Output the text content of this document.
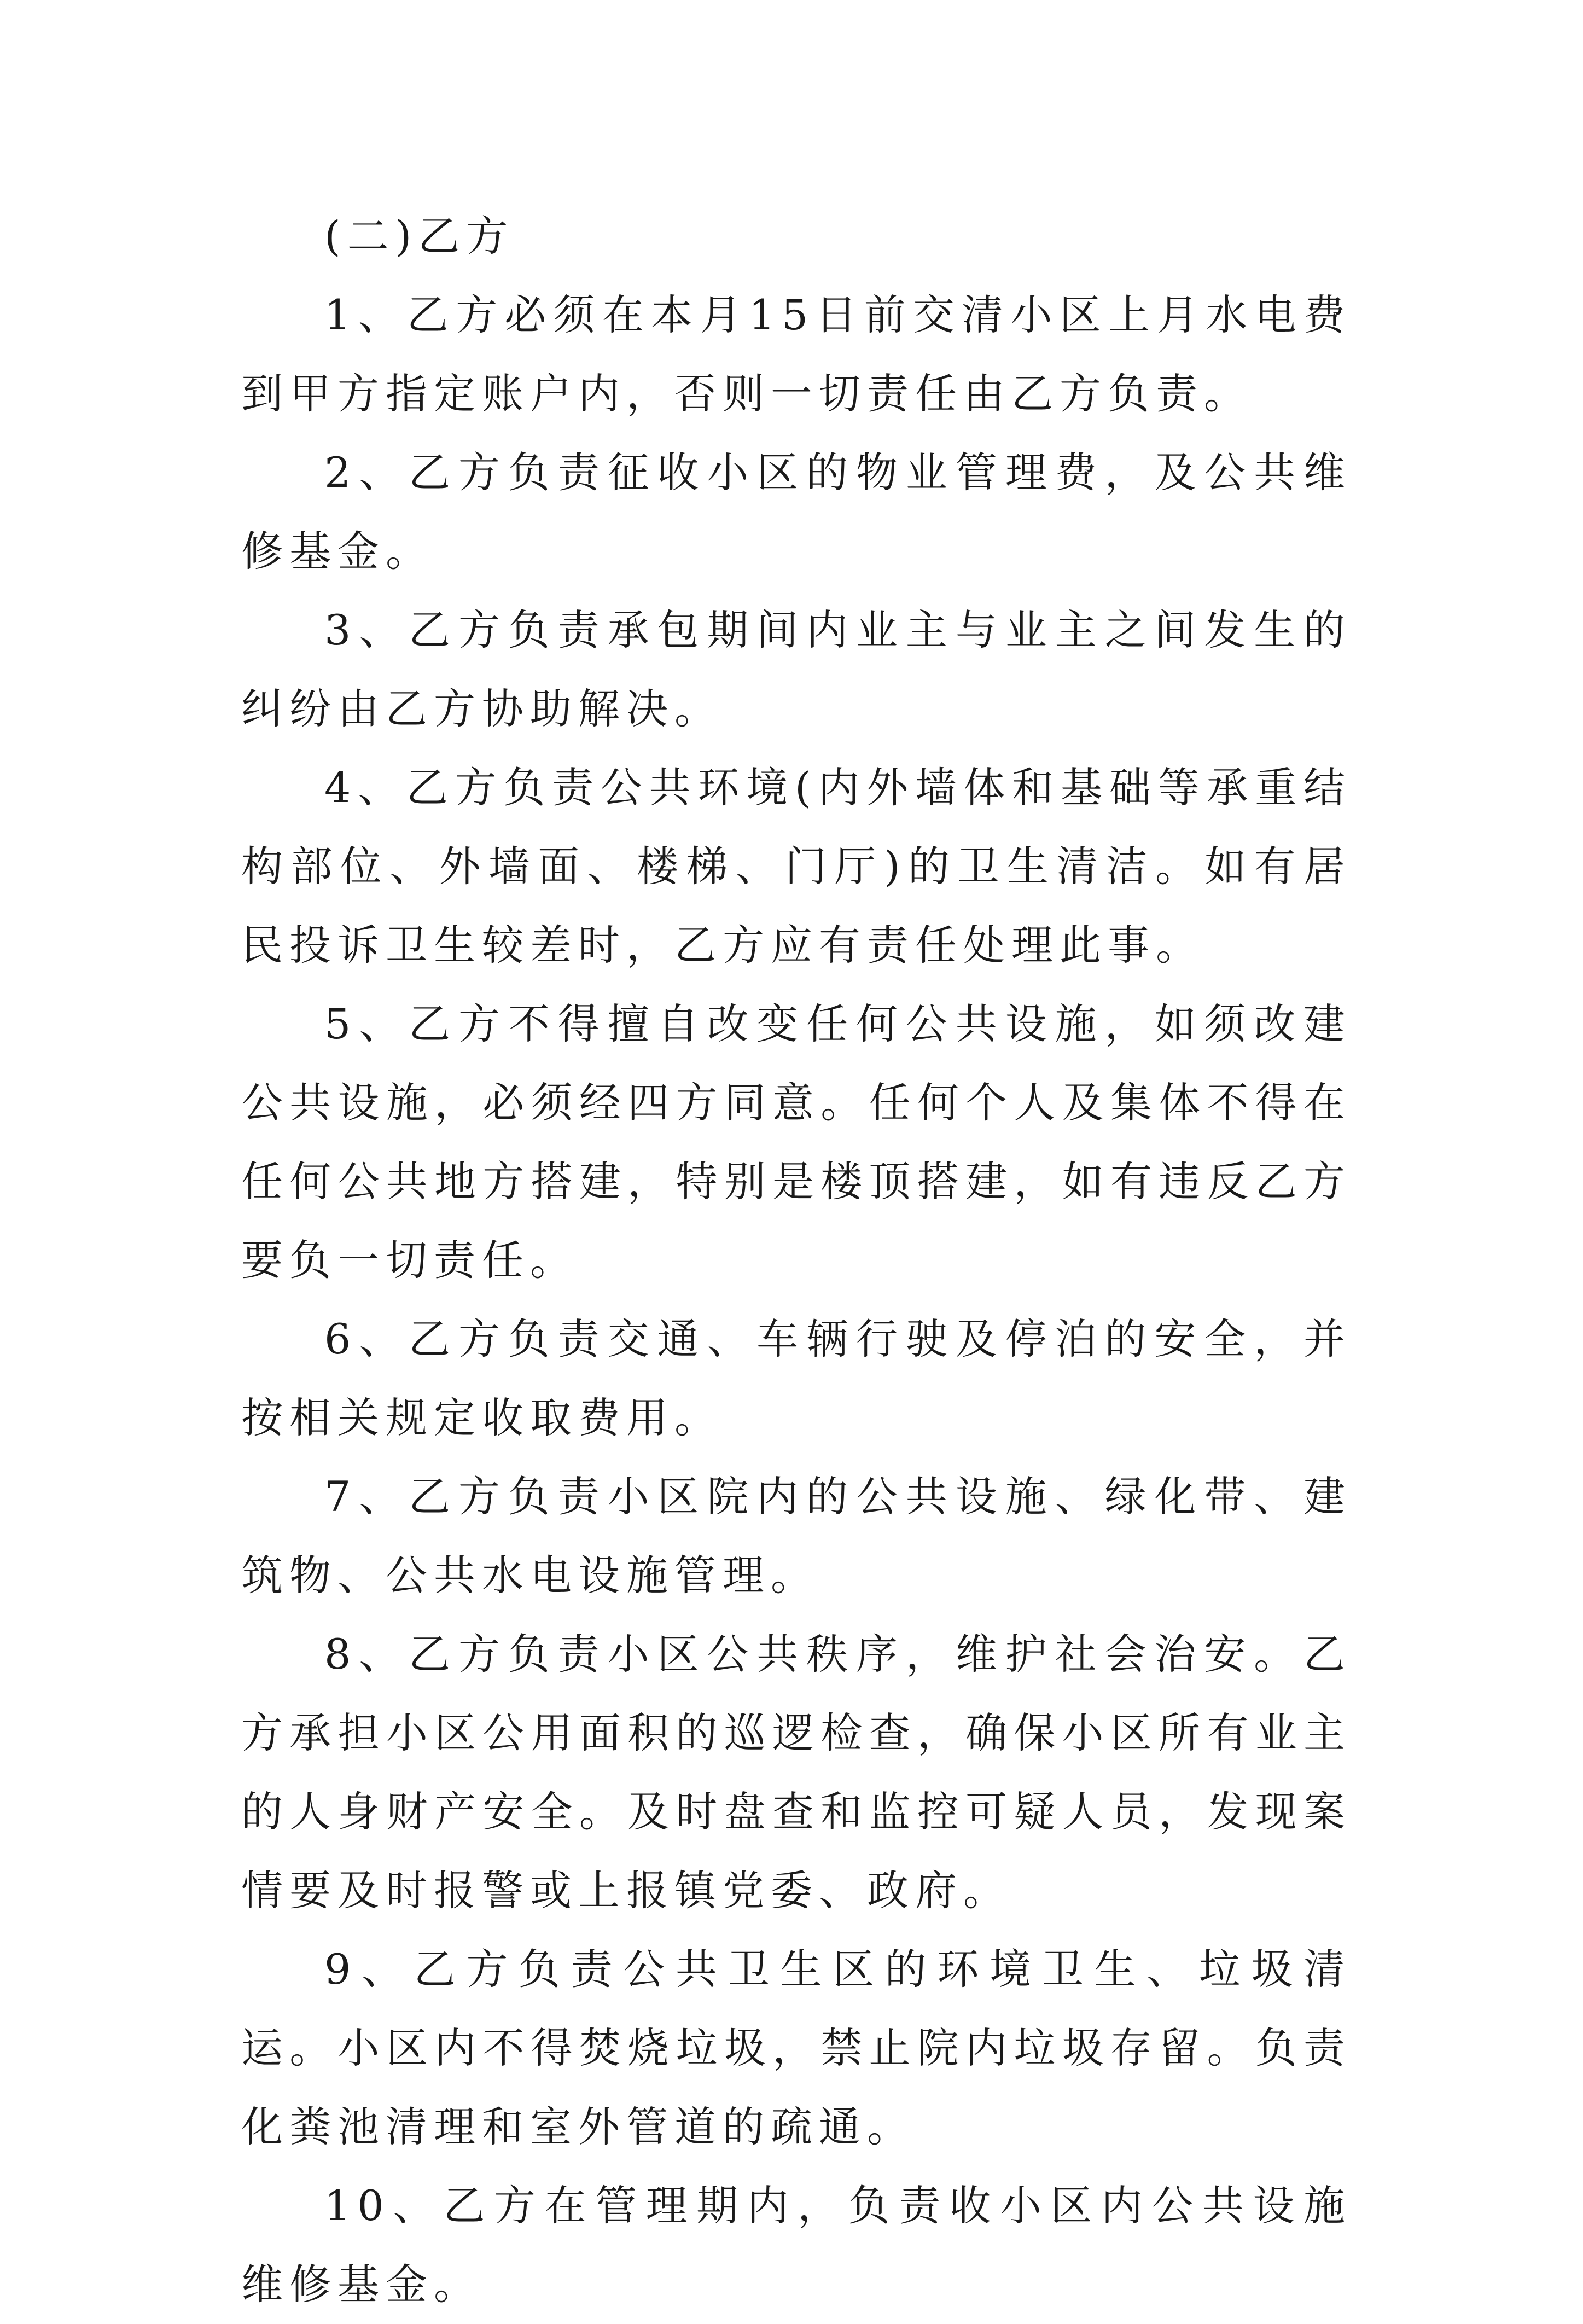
(二)乙方

1、乙方必须在本月15日前交清小区上月水电费到甲方指定账户内，否则一切责任由乙方负责。

2、乙方负责征收小区的物业管理费，及公共维修基金。

3、乙方负责承包期间内业主与业主之间发生的纠纷由乙方协助解决。

4、乙方负责公共环境(内外墙体和基础等承重结构部位、外墙面、楼梯、门厅)的卫生清洁。如有居民投诉卫生较差时，乙方应有责任处理此事。

5、乙方不得擅自改变任何公共设施，如须改建公共设施，必须经四方同意。任何个人及集体不得在任何公共地方搭建，特别是楼顶搭建，如有违反乙方要负一切责任。

6、乙方负责交通、车辆行驶及停泊的安全，并按相关规定收取费用。

7、乙方负责小区院内的公共设施、绿化带、建筑物、公共水电设施管理。

8、乙方负责小区公共秩序，维护社会治安。乙方承担小区公用面积的巡逻检查，确保小区所有业主的人身财产安全。及时盘查和监控可疑人员，发现案情要及时报警或上报镇党委、政府。

9、乙方负责公共卫生区的环境卫生、垃圾清运。小区内不得焚烧垃圾，禁止院内垃圾存留。负责化粪池清理和室外管道的疏通。

10、乙方在管理期内，负责收小区内公共设施维修基金。
